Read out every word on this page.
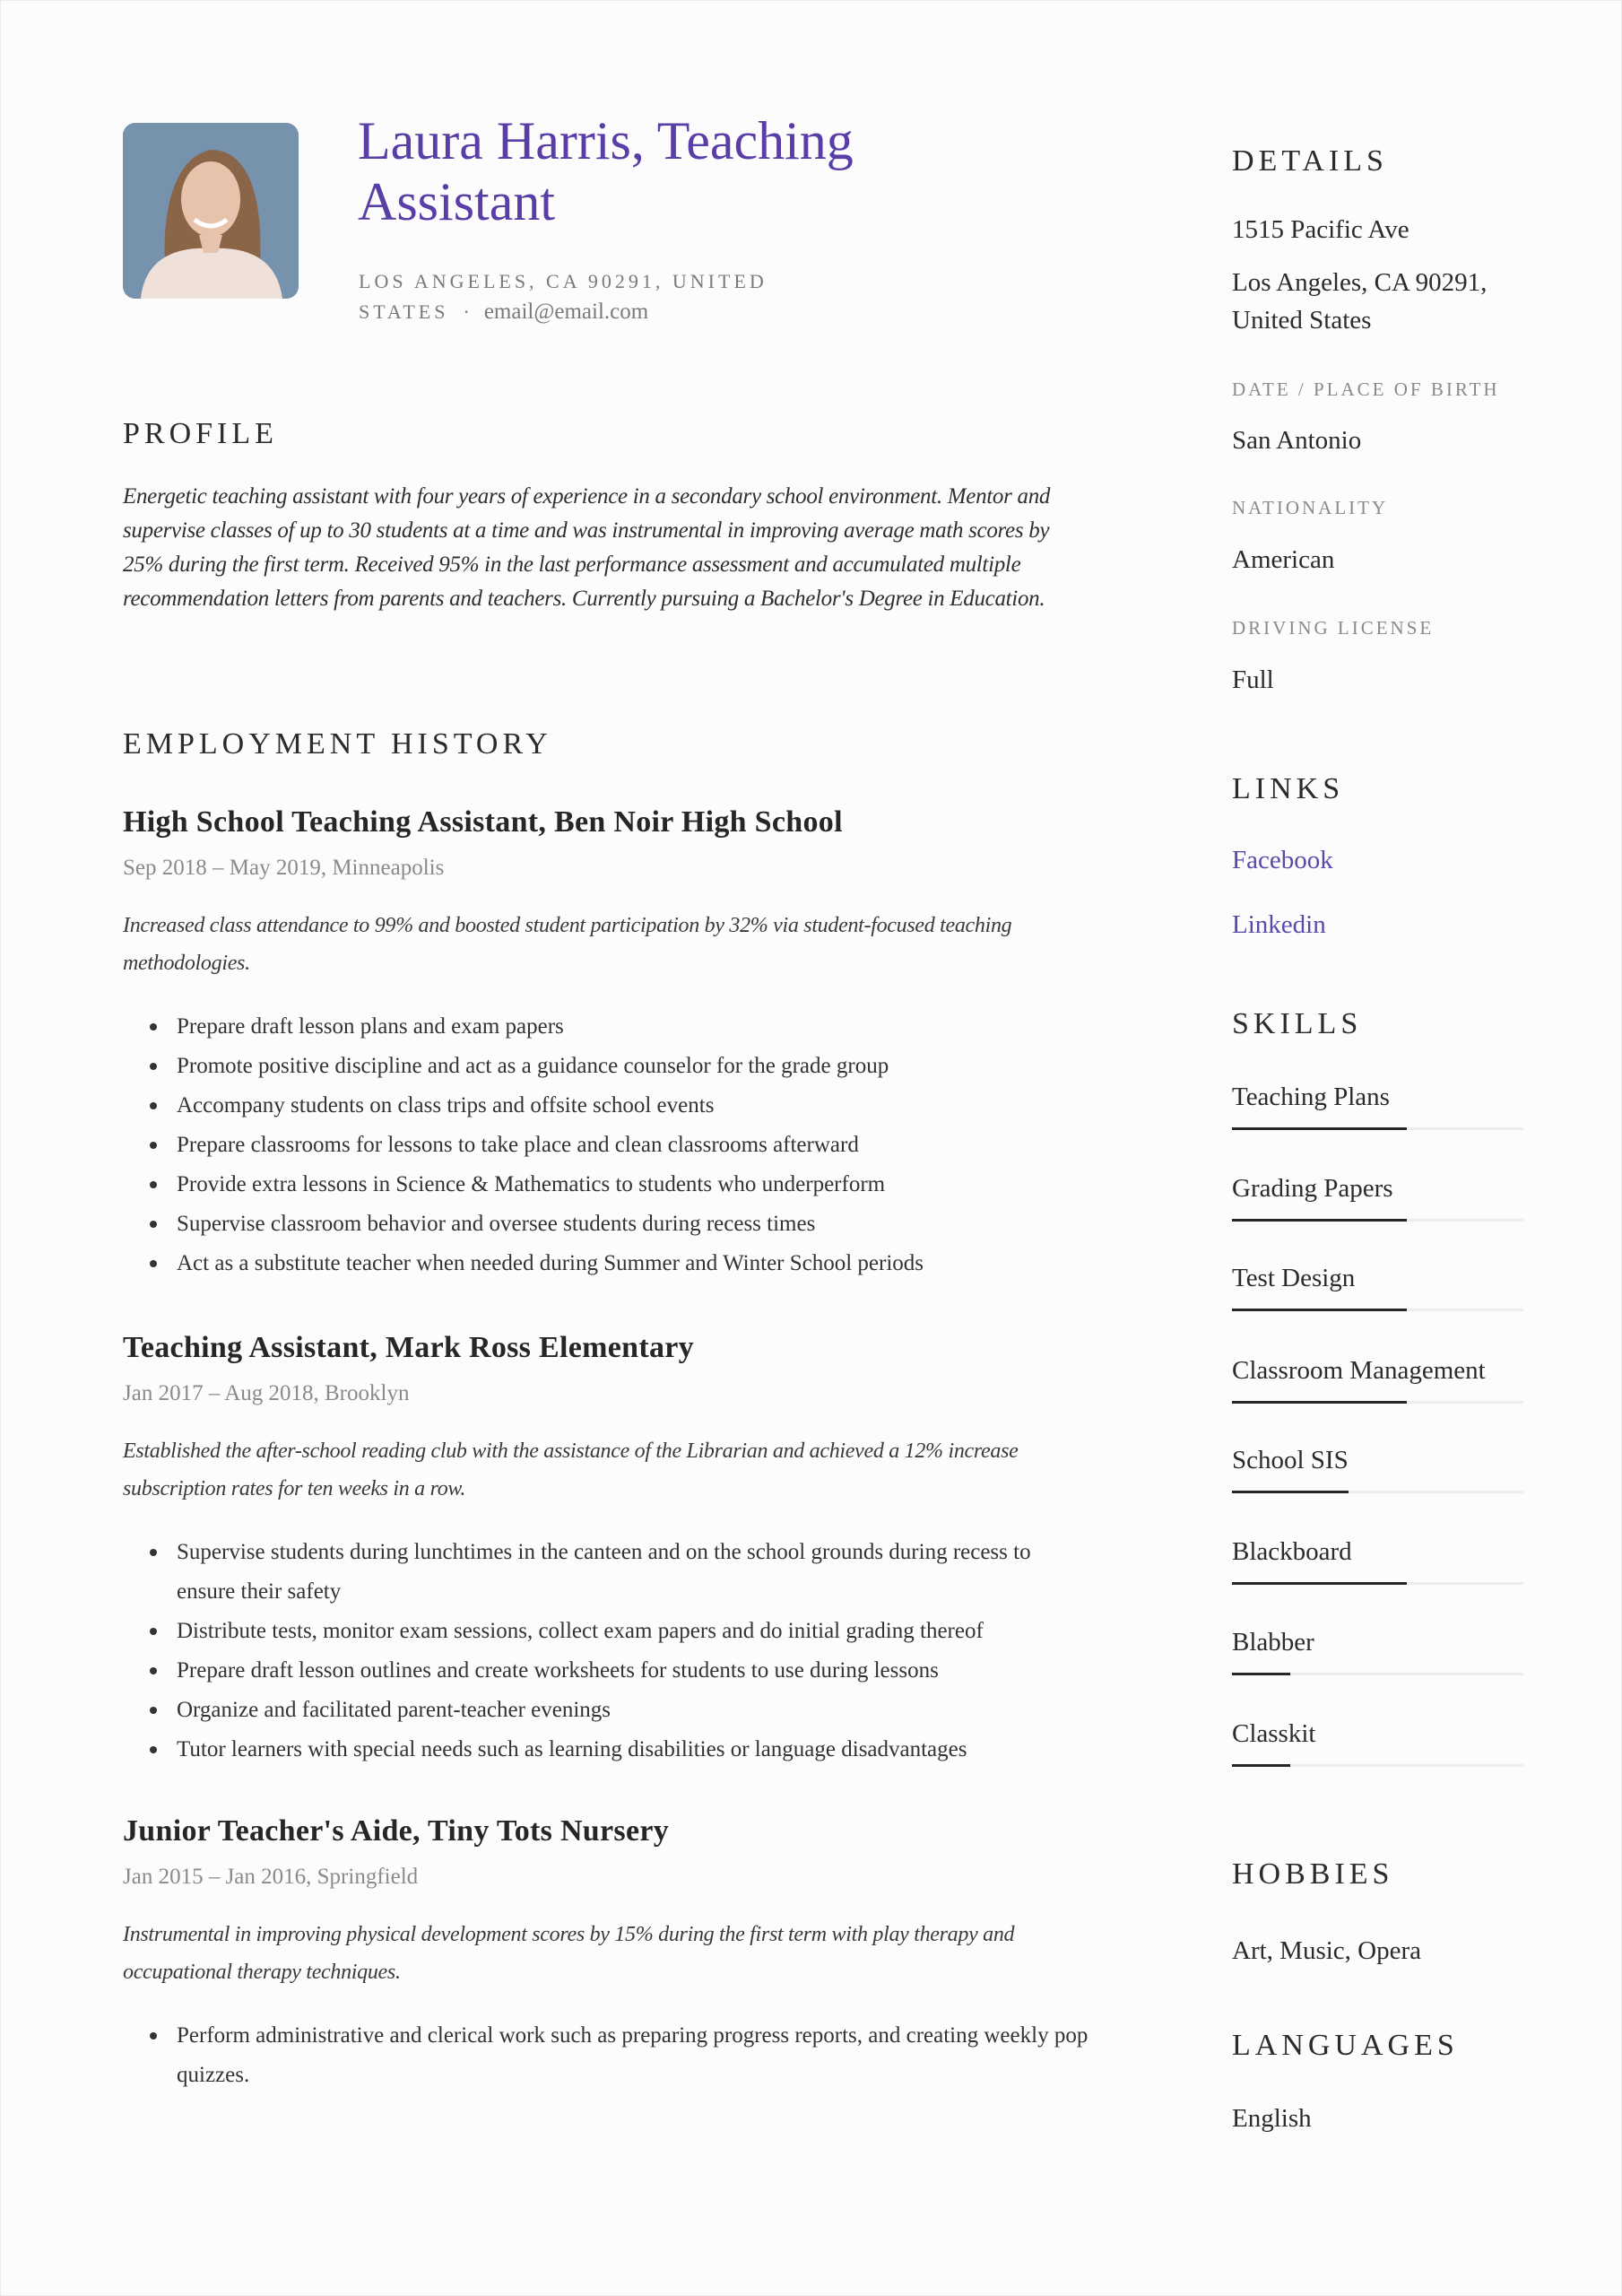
Laura Harris, Teaching
Assistant
LOS ANGELES, CA 90291, UNITED
STATES · email@email.com
PROFILE
Energetic teaching assistant with four years of experience in a secondary school environment. Mentor and supervise classes of up to 30 students at a time and was instrumental in improving average math scores by 25% during the first term. Received 95% in the last performance assessment and accumulated multiple recommendation letters from parents and teachers. Currently pursuing a Bachelor's Degree in Education.
EMPLOYMENT HISTORY
High School Teaching Assistant, Ben Noir High School
Sep 2018 – May 2019, Minneapolis
Increased class attendance to 99% and boosted student participation by 32% via student-focused teaching methodologies.
Prepare draft lesson plans and exam papers
Promote positive discipline and act as a guidance counselor for the grade group
Accompany students on class trips and offsite school events
Prepare classrooms for lessons to take place and clean classrooms afterward
Provide extra lessons in Science & Mathematics to students who underperform
Supervise classroom behavior and oversee students during recess times
Act as a substitute teacher when needed during Summer and Winter School periods
Teaching Assistant, Mark Ross Elementary
Jan 2017 – Aug 2018, Brooklyn
Established the after-school reading club with the assistance of the Librarian and achieved a 12% increase subscription rates for ten weeks in a row.
Supervise students during lunchtimes in the canteen and on the school grounds during recess to ensure their safety
Distribute tests, monitor exam sessions, collect exam papers and do initial grading thereof
Prepare draft lesson outlines and create worksheets for students to use during lessons
Organize and facilitated parent-teacher evenings
Tutor learners with special needs such as learning disabilities or language disadvantages
Junior Teacher's Aide, Tiny Tots Nursery
Jan 2015 – Jan 2016, Springfield
Instrumental in improving physical development scores by 15% during the first term with play therapy and occupational therapy techniques.
Perform administrative and clerical work such as preparing progress reports, and creating weekly pop quizzes.
DETAILS
1515 Pacific Ave
Los Angeles, CA 90291,
United States
DATE / PLACE OF BIRTH
San Antonio
NATIONALITY
American
DRIVING LICENSE
Full
LINKS
Facebook
Linkedin
SKILLS
Teaching Plans
Grading Papers
Test Design
Classroom Management
School SIS
Blackboard
Blabber
Classkit
HOBBIES
Art, Music, Opera
LANGUAGES
English
